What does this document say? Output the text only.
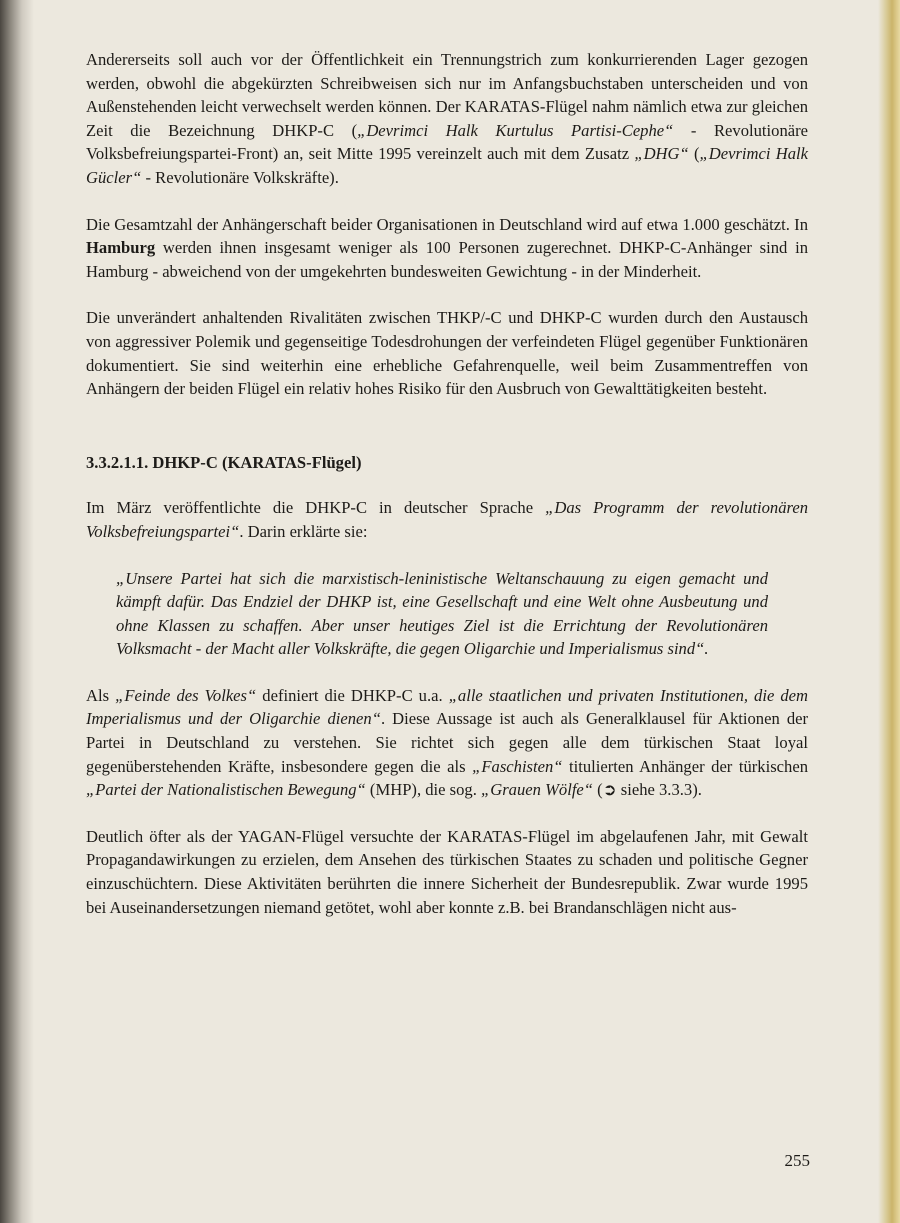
Andererseits soll auch vor der Öffentlichkeit ein Trennungstrich zum konkurrierenden Lager gezogen werden, obwohl die abgekürzten Schreibweisen sich nur im Anfangsbuchstaben unterscheiden und von Außenstehenden leicht verwechselt werden können. Der KARATAS-Flügel nahm nämlich etwa zur gleichen Zeit die Bezeichnung DHKP-C („Devrimci Halk Kurtulus Partisi-Cephe“ - Revolutionäre Volksbefreiungspartei-Front) an, seit Mitte 1995 vereinzelt auch mit dem Zusatz „DHG“ („Devrimci Halk Gücler“ - Revolutionäre Volkskräfte).

Die Gesamtzahl der Anhängerschaft beider Organisationen in Deutschland wird auf etwa 1.000 geschätzt. In Hamburg werden ihnen insgesamt weniger als 100 Personen zugerechnet. DHKP-C-Anhänger sind in Hamburg - abweichend von der umgekehrten bundesweiten Gewichtung - in der Minderheit.

Die unverändert anhaltenden Rivalitäten zwischen THKP/-C und DHKP-C wurden durch den Austausch von aggressiver Polemik und gegenseitige Todesdrohungen der verfeindeten Flügel gegenüber Funktionären dokumentiert. Sie sind weiterhin eine erhebliche Gefahrenquelle, weil beim Zusammentreffen von Anhängern der beiden Flügel ein relativ hohes Risiko für den Ausbruch von Gewalttätigkeiten besteht.

3.3.2.1.1. DHKP-C (KARATAS-Flügel)

Im März veröffentlichte die DHKP-C in deutscher Sprache „Das Programm der revolutionären Volksbefreiungspartei“. Darin erklärte sie:

„Unsere Partei hat sich die marxistisch-leninistische Weltanschauung zu eigen gemacht und kämpft dafür. Das Endziel der DHKP ist, eine Gesellschaft und eine Welt ohne Ausbeutung und ohne Klassen zu schaffen. Aber unser heutiges Ziel ist die Errichtung der Revolutionären Volksmacht - der Macht aller Volkskräfte, die gegen Oligarchie und Imperialismus sind“.

Als „Feinde des Volkes“ definiert die DHKP-C u.a. „alle staatlichen und privaten Institutionen, die dem Imperialismus und der Oligarchie dienen“. Diese Aussage ist auch als Generalklausel für Aktionen der Partei in Deutschland zu verstehen. Sie richtet sich gegen alle dem türkischen Staat loyal gegenüberstehenden Kräfte, insbesondere gegen die als „Faschisten“ titulierten Anhänger der türkischen „Partei der Nationalistischen Bewegung“ (MHP), die sog. „Grauen Wölfe“ (➲ siehe 3.3.3).

Deutlich öfter als der YAGAN-Flügel versuchte der KARATAS-Flügel im abgelaufenen Jahr, mit Gewalt Propagandawirkungen zu erzielen, dem Ansehen des türkischen Staates zu schaden und politische Gegner einzuschüchtern. Diese Aktivitäten berührten die innere Sicherheit der Bundesrepublik. Zwar wurde 1995 bei Auseinandersetzungen niemand getötet, wohl aber konnte z.B. bei Brandanschlägen nicht aus-

255
